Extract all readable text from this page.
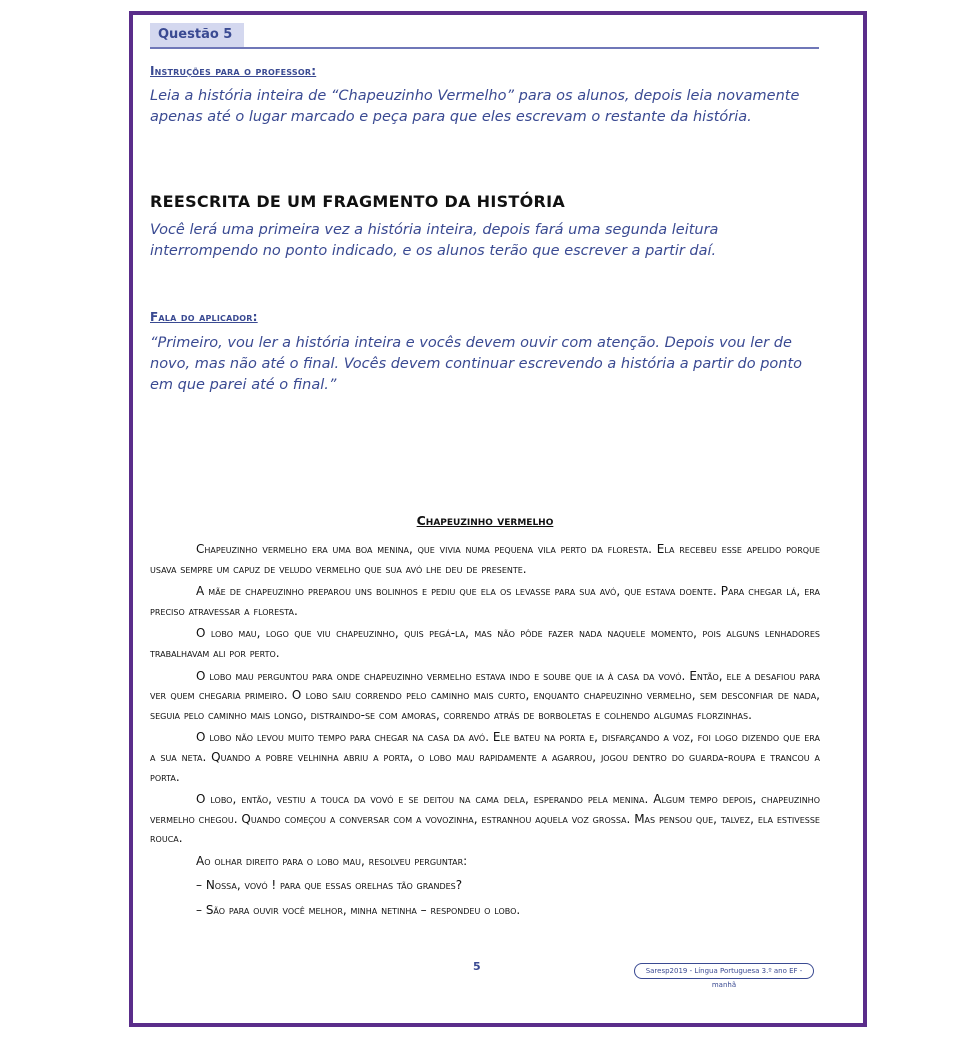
Questão 5
Instruções para o professor:

Leia a história inteira de “Chapeuzinho Vermelho” para os alunos, depois leia novamente apenas até o lugar marcado e peça para que eles escrevam o restante da história.

REESCRITA DE UM FRAGMENTO DA HISTÓRIA

Você lerá uma primeira vez a história inteira, depois fará uma segunda leitura interrompendo no ponto indicado, e os alunos terão que escrever a partir daí.

Fala do aplicador:

“Primeiro, vou ler a história inteira e vocês devem ouvir com atenção. Depois vou ler de novo, mas não até o final. Vocês devem continuar escrevendo a história a partir do ponto em que parei até o final.”

Chapeuzinho vermelho

Chapeuzinho vermelho era uma boa menina, que vivia numa pequena vila perto da floresta. Ela recebeu esse apelido porque usava sempre um capuz de veludo vermelho que sua avó lhe deu de presente.

A mãe de chapeuzinho preparou uns bolinhos e pediu que ela os levasse para sua avó, que estava doente. Para chegar lá, era preciso atravessar a floresta.

O lobo mau, logo que viu chapeuzinho, quis pegá-la, mas não pôde fazer nada naquele momento, pois alguns lenhadores trabalhavam ali por perto.

O lobo mau perguntou para onde chapeuzinho vermelho estava indo e soube que ia à casa da vovó. Então, ele a desafiou para ver quem chegaria primeiro. O lobo saiu correndo pelo caminho mais curto, enquanto chapeuzinho vermelho, sem desconfiar de nada, seguia pelo caminho mais longo, distraindo-se com amoras, correndo atrás de borboletas e colhendo algumas florzinhas.

O lobo não levou muito tempo para chegar na casa da avó. Ele bateu na porta e, disfarçando a voz, foi logo dizendo que era a sua neta. Quando a pobre velhinha abriu a porta, o lobo mau rapidamente a agarrou, jogou dentro do guarda-roupa e trancou a porta.

O lobo, então, vestiu a touca da vovó e se deitou na cama dela, esperando pela menina. Algum tempo depois, chapeuzinho vermelho chegou. Quando começou a conversar com a vovozinha, estranhou aquela voz grossa. Mas pensou que, talvez, ela estivesse rouca.

Ao olhar direito para o lobo mau, resolveu perguntar:

– Nossa, vovó ! para que essas orelhas tão grandes?

– São para ouvir você melhor, minha netinha – respondeu o lobo.

5	Saresp2019 - Língua Portuguesa 3.º ano EF - manhã
